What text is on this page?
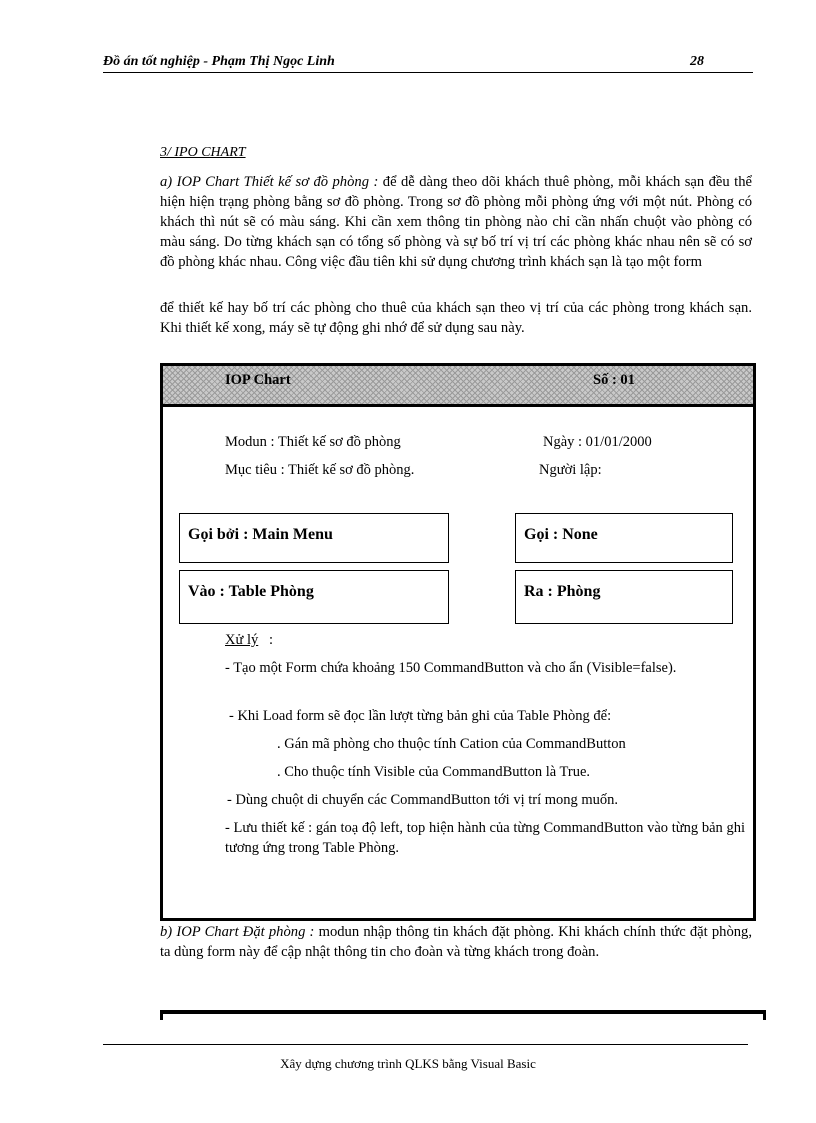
Đồ án tốt nghiệp - Phạm Thị Ngọc Linh	28
3/ IPO CHART

a) IOP Chart Thiết kế sơ đồ phòng : để dễ dàng theo dõi khách thuê phòng, mỗi khách sạn đều thể hiện hiện trạng phòng bằng sơ đồ phòng. Trong sơ đồ phòng mỗi phòng ứng với một nút. Phòng có khách thì nút sẽ có màu sáng. Khi cần xem thông tin phòng nào chỉ cần nhấn chuột vào phòng có màu sáng. Do từng khách sạn có tổng số phòng và sự bố trí vị trí các phòng khác nhau nên sẽ có sơ đồ phòng khác nhau. Công việc đầu tiên khi sử dụng chương trình khách sạn là tạo một form

để thiết kế hay bố trí các phòng cho thuê của khách sạn theo vị trí của các phòng trong khách sạn. Khi thiết kế xong, máy sẽ tự động ghi nhớ để sử dụng sau này.

IOP Chart	Số : 01
Modun : Thiết kế sơ đồ phòng	Ngày : 01/01/2000
Mục tiêu : Thiết kế sơ đồ phòng.	Người lập:
Gọi bởi : Main Menu	Gọi : None
Vào : Table Phòng	Ra : Phòng
Xử lý :
- Tạo một Form chứa khoảng 150 CommandButton và cho ẩn (Visible=false).
- Khi Load form sẽ đọc lần lượt từng bản ghi của Table Phòng để:
. Gán mã phòng cho thuộc tính Cation của CommandButton
. Cho thuộc tính Visible của CommandButton là True.
- Dùng chuột di chuyển các CommandButton tới vị trí mong muốn.
- Lưu thiết kế : gán toạ độ left, top hiện hành của từng CommandButton vào từng bản ghi tương ứng trong Table Phòng.

b) IOP Chart Đặt phòng : modun nhập thông tin khách đặt phòng. Khi khách chính thức đặt phòng, ta dùng form này để cập nhật thông tin cho đoàn và từng khách trong đoàn.

Xây dựng chương trình QLKS bằng Visual Basic
